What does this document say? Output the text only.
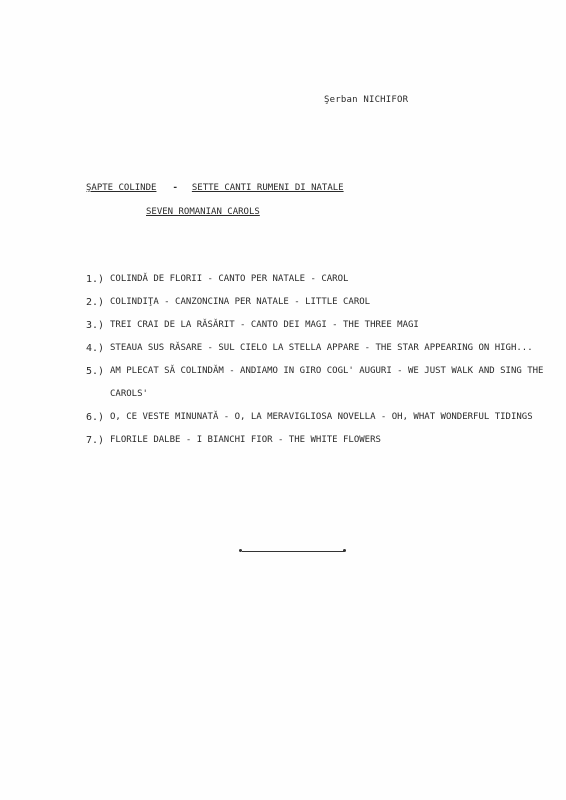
Şerban NICHIFOR
ŞAPTE COLINDE - SETTE CANTI RUMENI DI NATALE
SEVEN ROMANIAN CAROLS
1.) COLINDĂ DE FLORII - CANTO PER NATALE - CAROL
2.) COLINDIŢA - CANZONCINA PER NATALE - LITTLE CAROL
3.) TREI CRAI DE LA RĂSĂRIT - CANTO DEI MAGI - THE THREE MAGI
4.) STEAUA SUS RĂSARE - SUL CIELO LA STELLA APPARE - THE STAR APPEARING ON HIGH...
5.) AM PLECAT SĂ COLINDĂM - ANDIAMO IN GIRO COGL' AUGURI - WE JUST WALK AND SING THE CAROLS'
6.) O, CE VESTE MINUNATĂ - O, LA MERAVIGLIOSA NOVELLA - OH, WHAT WONDERFUL TIDINGS
7.) FLORILE DALBE - I BIANCHI FIOR - THE WHITE FLOWERS
